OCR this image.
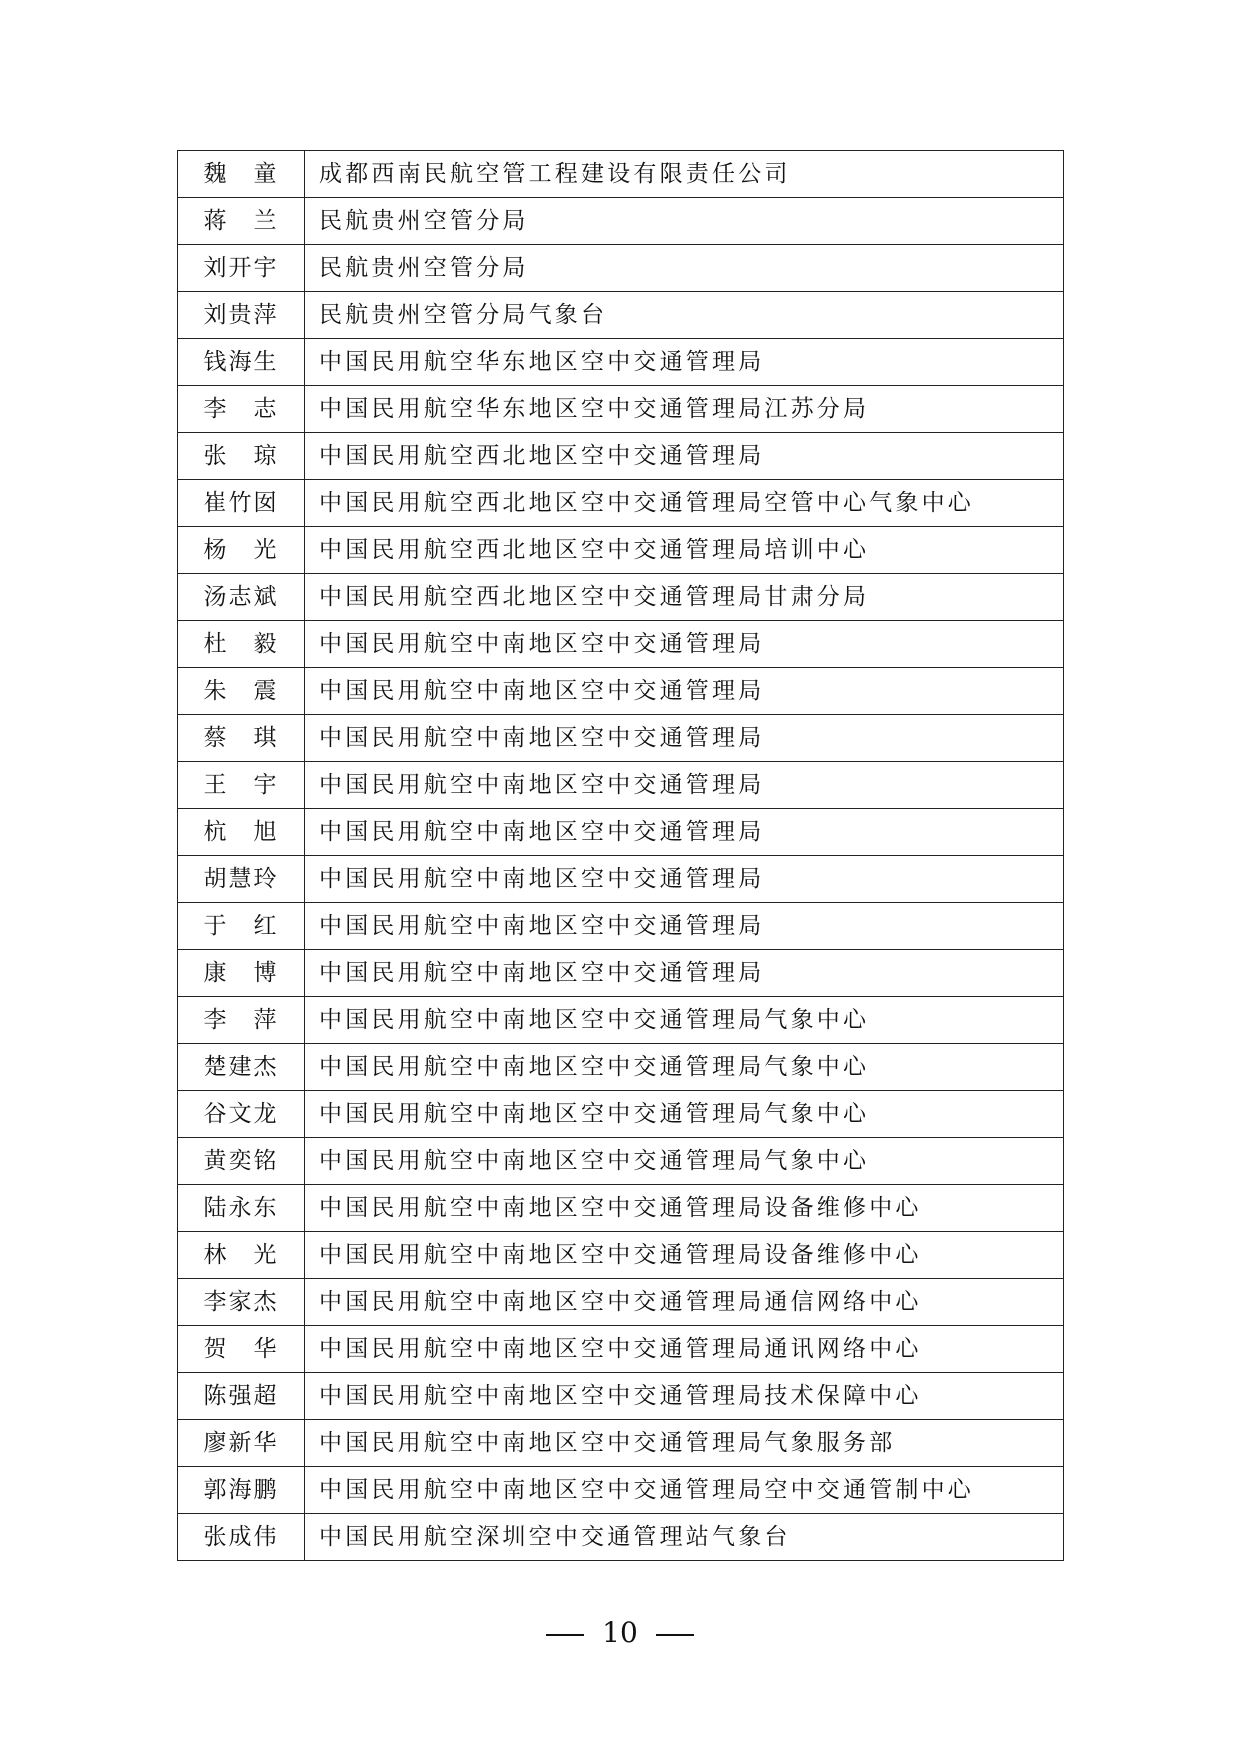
魏　童	成都西南民航空管工程建设有限责任公司
蒋　兰	民航贵州空管分局
刘开宇	民航贵州空管分局
刘贵萍	民航贵州空管分局气象台
钱海生	中国民用航空华东地区空中交通管理局
李　志	中国民用航空华东地区空中交通管理局江苏分局
张　琼	中国民用航空西北地区空中交通管理局
崔竹囡	中国民用航空西北地区空中交通管理局空管中心气象中心
杨　光	中国民用航空西北地区空中交通管理局培训中心
汤志斌	中国民用航空西北地区空中交通管理局甘肃分局
杜　毅	中国民用航空中南地区空中交通管理局
朱　震	中国民用航空中南地区空中交通管理局
蔡　琪	中国民用航空中南地区空中交通管理局
王　宇	中国民用航空中南地区空中交通管理局
杭　旭	中国民用航空中南地区空中交通管理局
胡慧玲	中国民用航空中南地区空中交通管理局
于　红	中国民用航空中南地区空中交通管理局
康　博	中国民用航空中南地区空中交通管理局
李　萍	中国民用航空中南地区空中交通管理局气象中心
楚建杰	中国民用航空中南地区空中交通管理局气象中心
谷文龙	中国民用航空中南地区空中交通管理局气象中心
黄奕铭	中国民用航空中南地区空中交通管理局气象中心
陆永东	中国民用航空中南地区空中交通管理局设备维修中心
林　光	中国民用航空中南地区空中交通管理局设备维修中心
李家杰	中国民用航空中南地区空中交通管理局通信网络中心
贺　华	中国民用航空中南地区空中交通管理局通讯网络中心
陈强超	中国民用航空中南地区空中交通管理局技术保障中心
廖新华	中国民用航空中南地区空中交通管理局气象服务部
郭海鹏	中国民用航空中南地区空中交通管理局空中交通管制中心
张成伟	中国民用航空深圳空中交通管理站气象台
10
